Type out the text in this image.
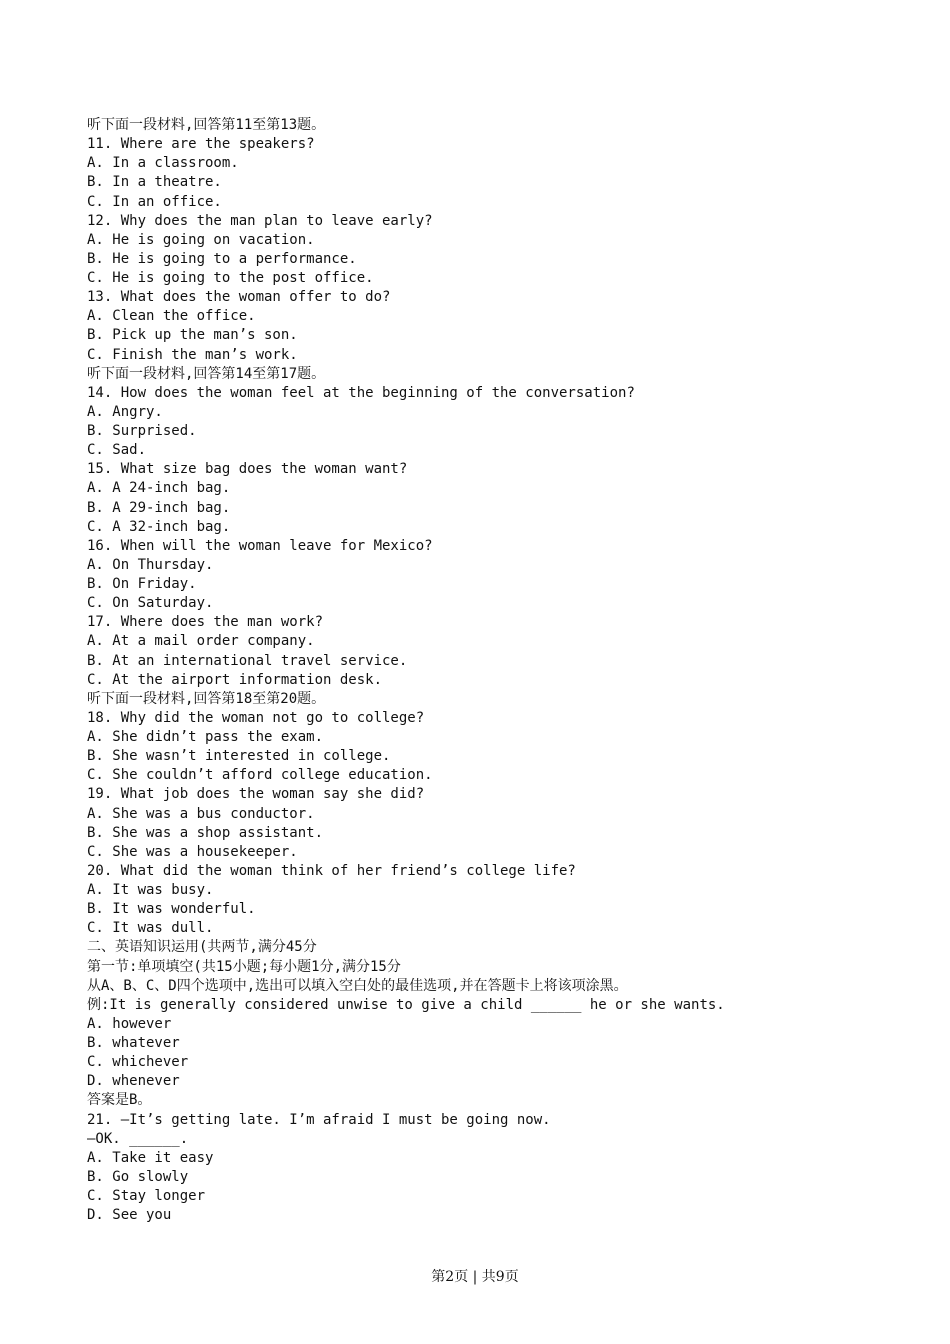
听下面一段材料,回答第11至第13题。
11. Where are the speakers?
A. In a classroom.
B. In a theatre.
C. In an office.
12. Why does the man plan to leave early?
A. He is going on vacation.
B. He is going to a performance.
C. He is going to the post office.
13. What does the woman offer to do?
A. Clean the office.
B. Pick up the man’s son.
C. Finish the man’s work.
听下面一段材料,回答第14至第17题。
14. How does the woman feel at the beginning of the conversation?
A. Angry.
B. Surprised.
C. Sad.
15. What size bag does the woman want?
A. A 24-inch bag.
B. A 29-inch bag.
C. A 32-inch bag.
16. When will the woman leave for Mexico?
A. On Thursday.
B. On Friday.
C. On Saturday.
17. Where does the man work?
A. At a mail order company.
B. At an international travel service.
C. At the airport information desk.
听下面一段材料,回答第18至第20题。
18. Why did the woman not go to college?
A. She didn’t pass the exam.
B. She wasn’t interested in college.
C. She couldn’t afford college education.
19. What job does the woman say she did?
A. She was a bus conductor.
B. She was a shop assistant.
C. She was a housekeeper.
20. What did the woman think of her friend’s college life?
A. It was busy.
B. It was wonderful.
C. It was dull.
二、英语知识运用(共两节,满分45分
第一节:单项填空(共15小题;每小题1分,满分15分
从A、B、C、D四个选项中,选出可以填入空白处的最佳选项,并在答题卡上将该项涂黑。
例:It is generally considered unwise to give a child ______ he or she wants.
A. however
B. whatever
C. whichever
D. whenever
答案是B。
21. —It’s getting late. I’m afraid I must be going now.
—OK. ______.
A. Take it easy
B. Go slowly
C. Stay longer
D. See you
第2页 | 共9页
